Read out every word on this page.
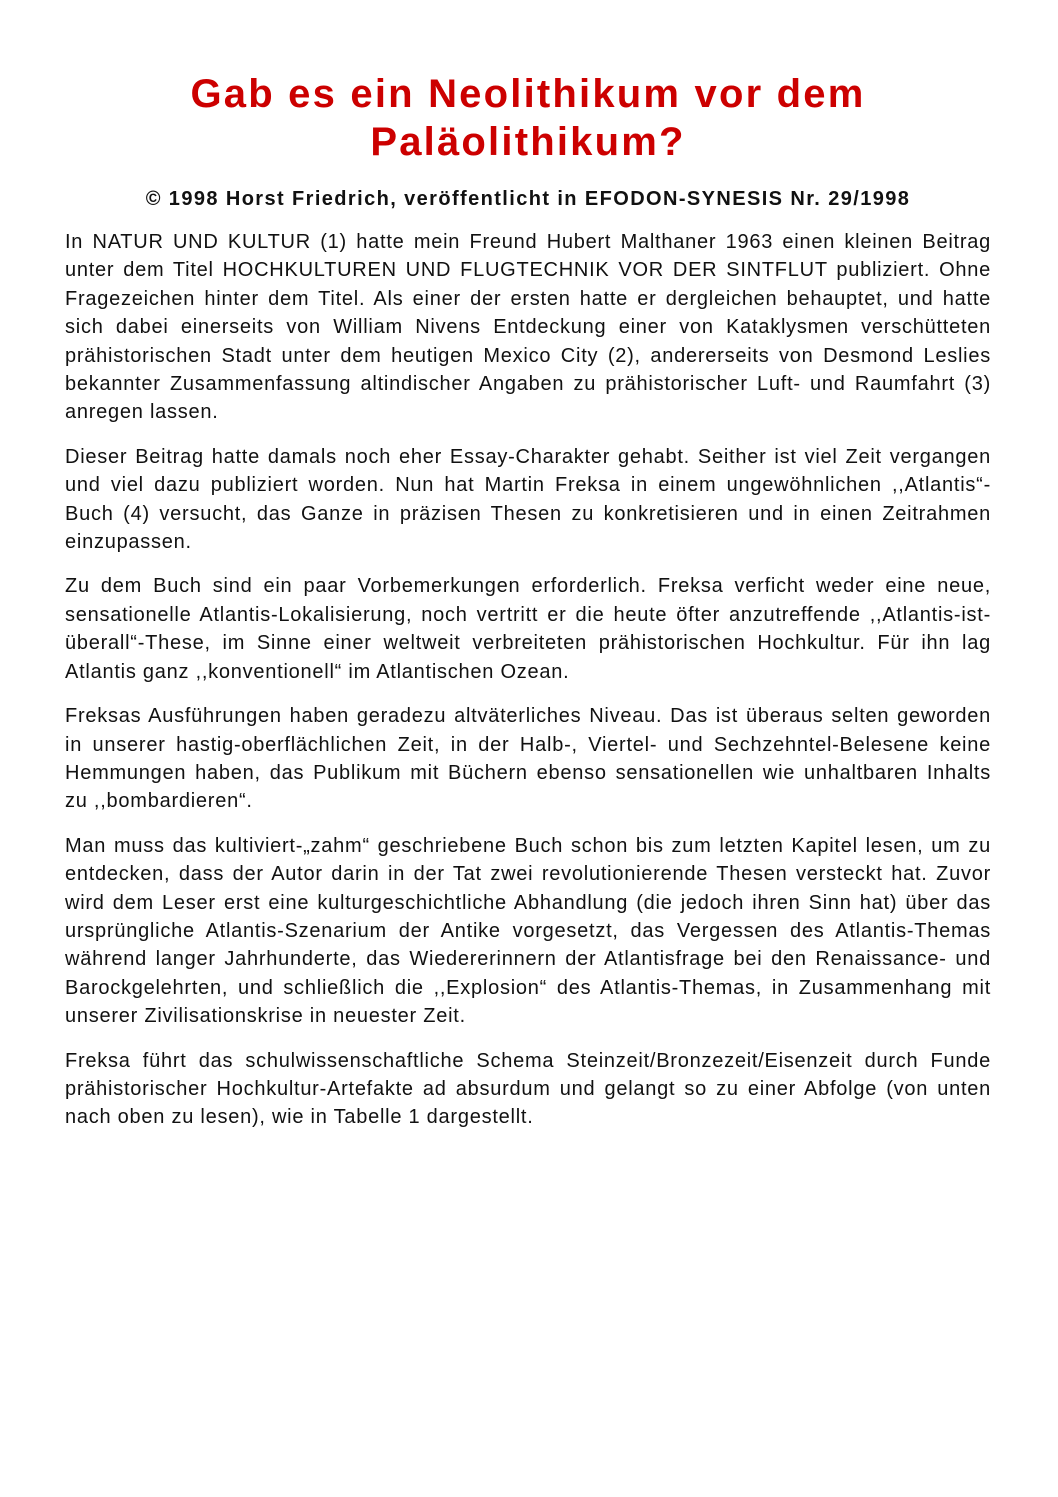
Gab es ein Neolithikum vor dem Paläolithikum?

© 1998 Horst Friedrich, veröffentlicht in EFODON-SYNESIS Nr. 29/1998

In NATUR UND KULTUR (1) hatte mein Freund Hubert Malthaner 1963 einen kleinen Beitrag unter dem Titel HOCHKULTUREN UND FLUGTECHNIK VOR DER SINTFLUT publiziert. Ohne Fragezeichen hinter dem Titel. Als einer der ersten hatte er dergleichen behauptet, und hatte sich dabei einerseits von William Nivens Entdeckung einer von Kataklysmen verschütteten prähistorischen Stadt unter dem heutigen Mexico City (2), andererseits von Desmond Leslies bekannter Zusammenfassung altindischer Angaben zu prähistorischer Luft- und Raumfahrt (3) anregen lassen.

Dieser Beitrag hatte damals noch eher Essay-Charakter gehabt. Seither ist viel Zeit vergangen und viel dazu publiziert worden. Nun hat Martin Freksa in einem ungewöhnlichen ,,Atlantis“-Buch (4) versucht, das Ganze in präzisen Thesen zu konkretisieren und in einen Zeitrahmen einzupassen.

Zu dem Buch sind ein paar Vorbemerkungen erforderlich. Freksa verficht weder eine neue, sensationelle Atlantis-Lokalisierung, noch vertritt er die heute öfter anzutreffende ,,Atlantis-ist-überall“-These, im Sinne einer weltweit verbreiteten prähistorischen Hochkultur. Für ihn lag Atlantis ganz ,,konventionell“ im Atlantischen Ozean.

Freksas Ausführungen haben geradezu altväterliches Niveau. Das ist überaus selten geworden in unserer hastig-oberflächlichen Zeit, in der Halb-, Viertel- und Sechzehntel-Belesene keine Hemmungen haben, das Publikum mit Büchern ebenso sensationellen wie unhaltbaren Inhalts zu ,,bombardieren“.

Man muss das kultiviert-„zahm“ geschriebene Buch schon bis zum letzten Kapitel lesen, um zu entdecken, dass der Autor darin in der Tat zwei revolutionierende Thesen versteckt hat. Zuvor wird dem Leser erst eine kulturgeschichtliche Abhandlung (die jedoch ihren Sinn hat) über das ursprüngliche Atlantis-Szenarium der Antike vorgesetzt, das Vergessen des Atlantis-Themas während langer Jahrhunderte, das Wiedererinnern der Atlantisfrage bei den Renaissance- und Barockgelehrten, und schließlich die ,,Explosion“ des Atlantis-Themas, in Zusammenhang mit unserer Zivilisationskrise in neuester Zeit.

Freksa führt das schulwissenschaftliche Schema Steinzeit/Bronzezeit/Eisenzeit durch Funde prähistorischer Hochkultur-Artefakte ad absurdum und gelangt so zu einer Abfolge (von unten nach oben zu lesen), wie in Tabelle 1 dargestellt.
